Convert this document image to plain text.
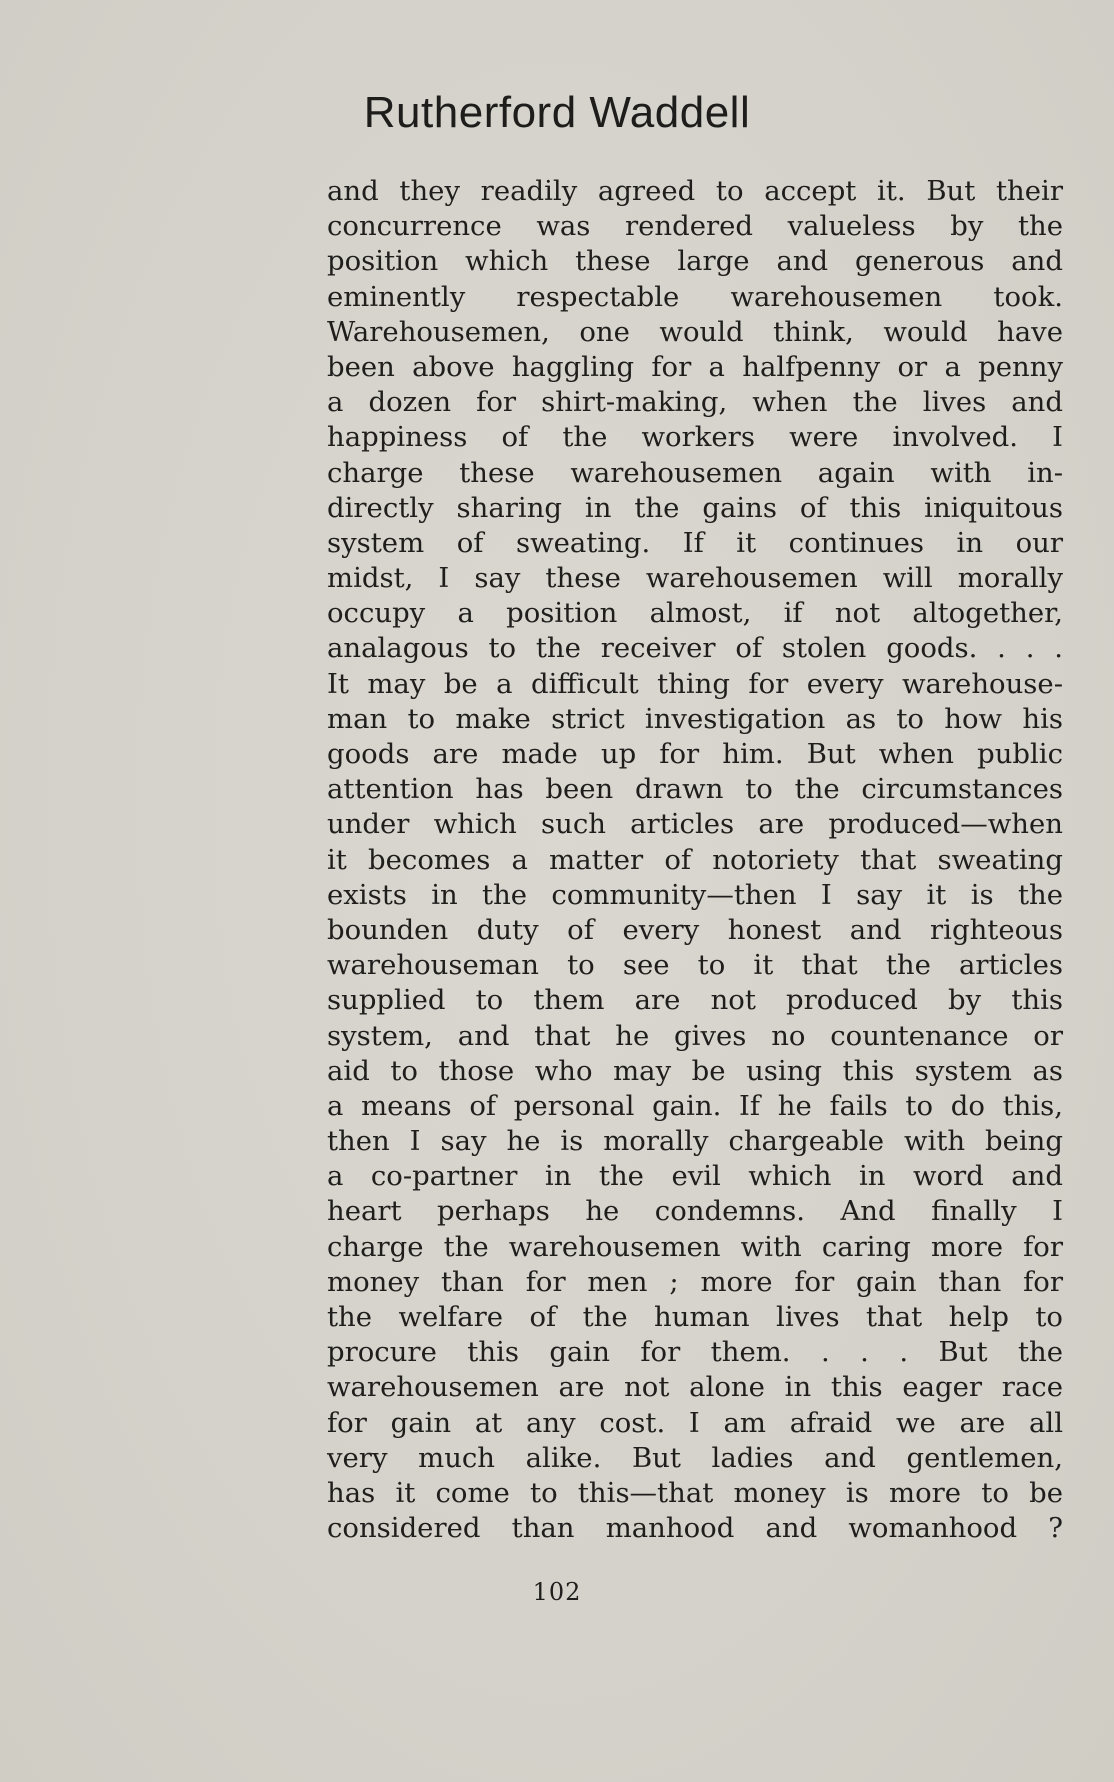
Rutherford Waddell
and they readily agreed to accept it. But their
concurrence was rendered valueless by the
position which these large and generous and
eminently respectable warehousemen took.
Warehousemen, one would think, would have
been above haggling for a halfpenny or a penny
a dozen for shirt-making, when the lives and
happiness of the workers were involved. I
charge these warehousemen again with in-
directly sharing in the gains of this iniquitous
system of sweating. If it continues in our
midst, I say these warehousemen will morally
occupy a position almost, if not altogether,
analagous to the receiver of stolen goods. . . .
It may be a difficult thing for every warehouse-
man to make strict investigation as to how his
goods are made up for him. But when public
attention has been drawn to the circumstances
under which such articles are produced—when
it becomes a matter of notoriety that sweating
exists in the community—then I say it is the
bounden duty of every honest and righteous
warehouseman to see to it that the articles
supplied to them are not produced by this
system, and that he gives no countenance or
aid to those who may be using this system as
a means of personal gain. If he fails to do this,
then I say he is morally chargeable with being
a co-partner in the evil which in word and
heart perhaps he condemns. And finally I
charge the warehousemen with caring more for
money than for men ; more for gain than for
the welfare of the human lives that help to
procure this gain for them. . . . But the
warehousemen are not alone in this eager race
for gain at any cost. I am afraid we are all
very much alike. But ladies and gentlemen,
has it come to this—that money is more to be
considered than manhood and womanhood ?
102
